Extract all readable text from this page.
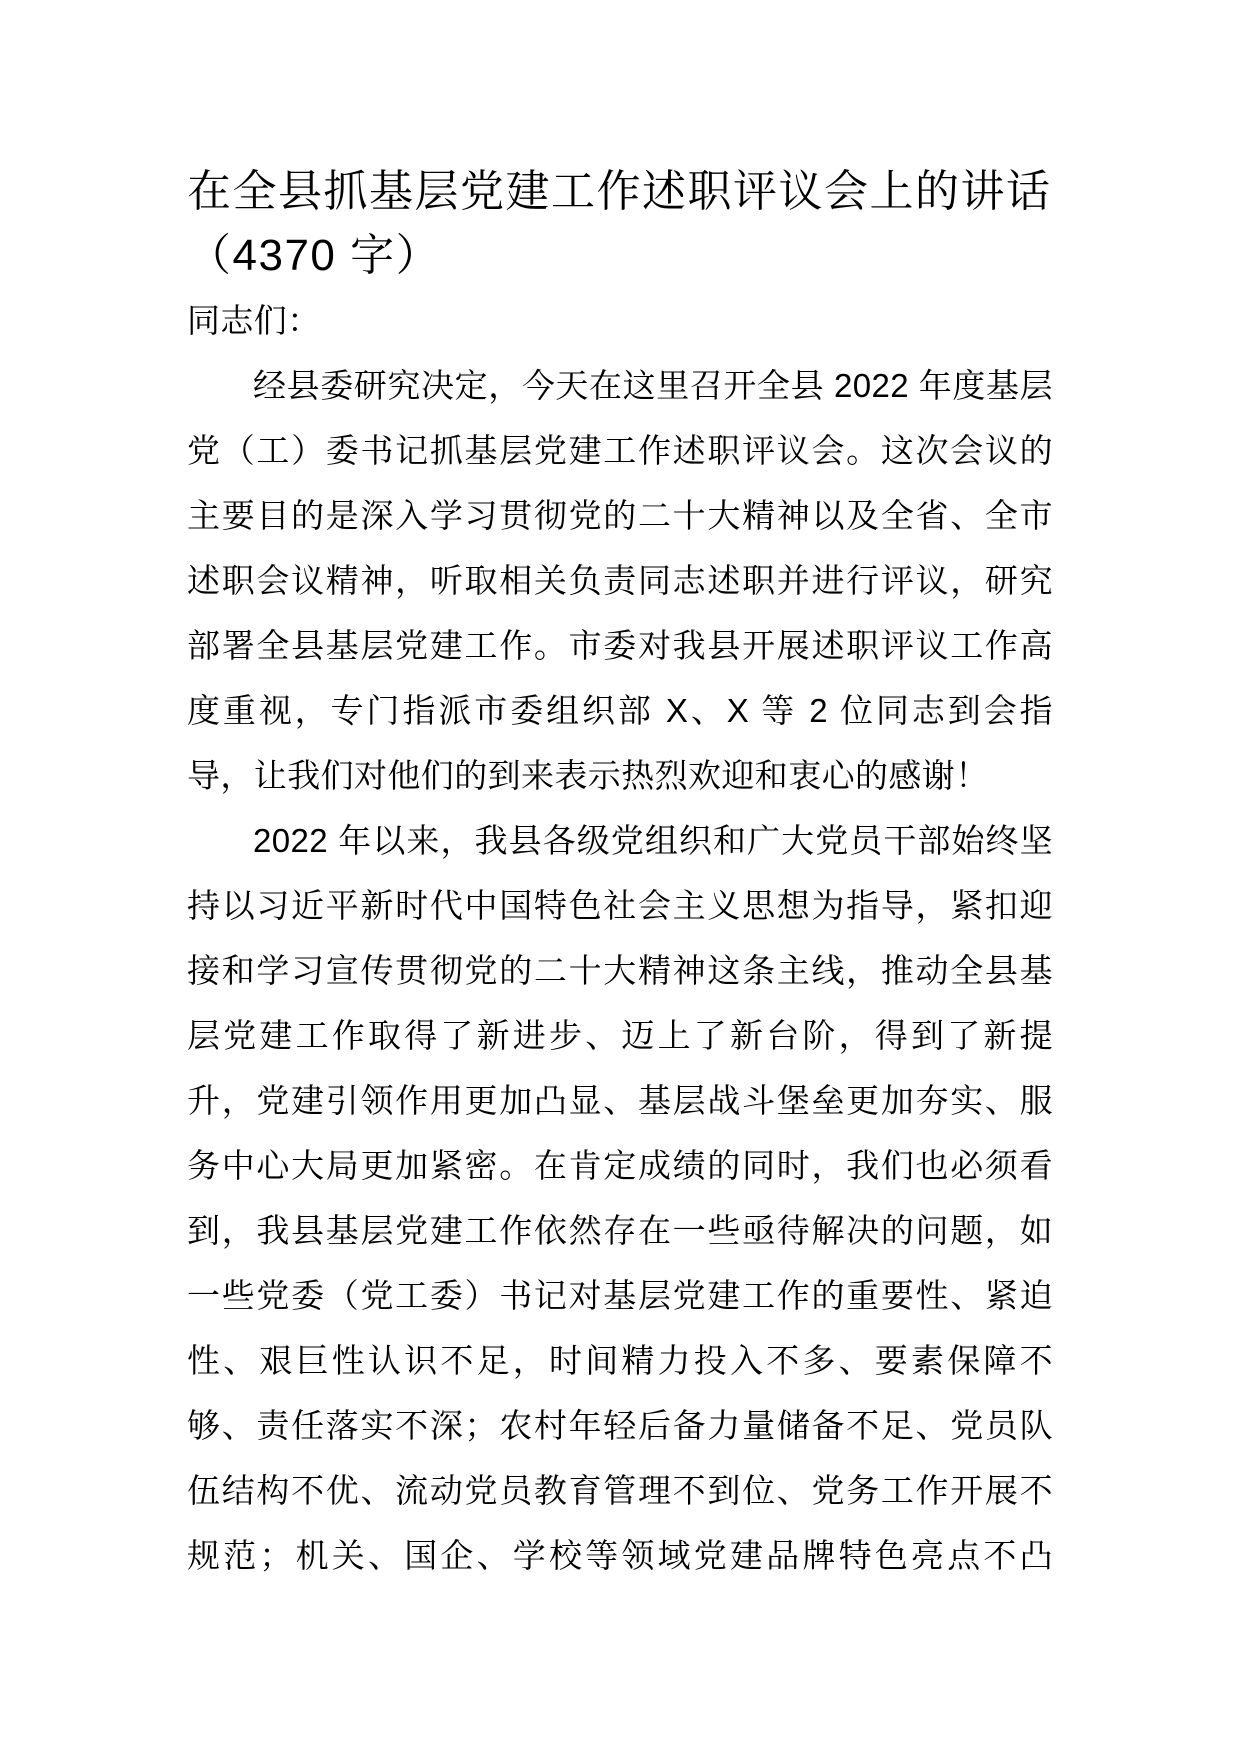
在全县抓基层党建工作述职评议会上的讲话（4370 字）

同志们：

经县委研究决定，今天在这里召开全县 2022 年度基层党（工）委书记抓基层党建工作述职评议会。这次会议的主要目的是深入学习贯彻党的二十大精神以及全省、全市述职会议精神，听取相关负责同志述职并进行评议，研究部署全县基层党建工作。市委对我县开展述职评议工作高度重视，专门指派市委组织部 X、X 等 2 位同志到会指导，让我们对他们的到来表示热烈欢迎和衷心的感谢！

2022 年以来，我县各级党组织和广大党员干部始终坚持以习近平新时代中国特色社会主义思想为指导，紧扣迎接和学习宣传贯彻党的二十大精神这条主线，推动全县基层党建工作取得了新进步、迈上了新台阶，得到了新提升，党建引领作用更加凸显、基层战斗堡垒更加夯实、服务中心大局更加紧密。在肯定成绩的同时，我们也必须看到，我县基层党建工作依然存在一些亟待解决的问题，如一些党委（党工委）书记对基层党建工作的重要性、紧迫性、艰巨性认识不足，时间精力投入不多、要素保障不够、责任落实不深；农村年轻后备力量储备不足、党员队伍结构不优、流动党员教育管理不到位、党务工作开展不规范；机关、国企、学校等领域党建品牌特色亮点不凸
